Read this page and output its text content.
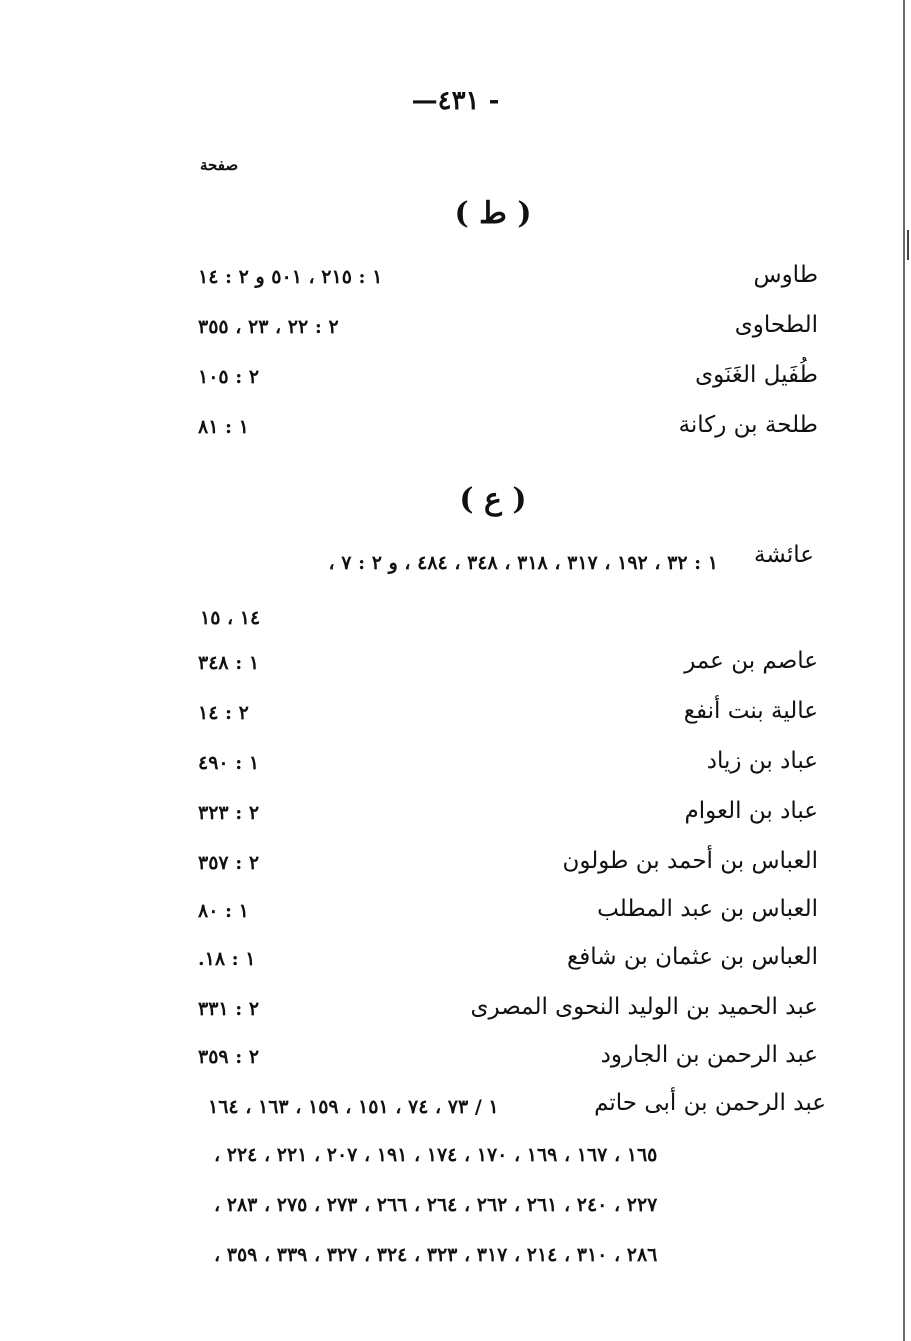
—٤٣١ -
صفحة
( ط )
طاوس
١ : ٢١٥ ، ٥٠١ و ٢ : ١٤
الطحاوى
٢ : ٢٢ ، ٢٣ ، ٣٥٥
طُفَيل الغَنَوى
٢ : ١٠٥
طلحة بن ركانة
١ : ٨١
( ع )
عائشة
١ : ٣٢ ، ١٩٢ ، ٣١٧ ، ٣١٨ ، ٣٤٨ ، ٤٨٤ ، و ٢ : ٧ ،
١٤ ، ١٥
عاصم بن عمر
١ : ٣٤٨
عالية بنت أنفع
٢ : ١٤
عباد بن زياد
١ : ٤٩٠
عباد بن العوام
٢ : ٣٢٣
العباس بن أحمد بن طولون
٢ : ٣٥٧
العباس بن عبد المطلب
١ : ٨٠
العباس بن عثمان بن شافع
١ : ١٨.
عبد الحميد بن الوليد النحوى المصرى
٢ : ٣٣١
عبد الرحمن بن الجارود
٢ : ٣٥٩
عبد الرحمن بن أبى حاتم
١ / ٧٣ ، ٧٤ ، ١٥١ ، ١٥٩ ، ١٦٣ ، ١٦٤
١٦٥ ، ١٦٧ ، ١٦٩ ، ١٧٠ ، ١٧٤ ، ١٩١ ، ٢٠٧ ، ٢٢١ ، ٢٢٤ ،
٢٢٧ ، ٢٤٠ ، ٢٦١ ، ٢٦٢ ، ٢٦٤ ، ٢٦٦ ، ٢٧٣ ، ٢٧٥ ، ٢٨٣ ،
٢٨٦ ، ٣١٠ ، ٢١٤ ، ٣١٧ ، ٣٢٣ ، ٣٢٤ ، ٣٢٧ ، ٣٣٩ ، ٣٥٩ ،
